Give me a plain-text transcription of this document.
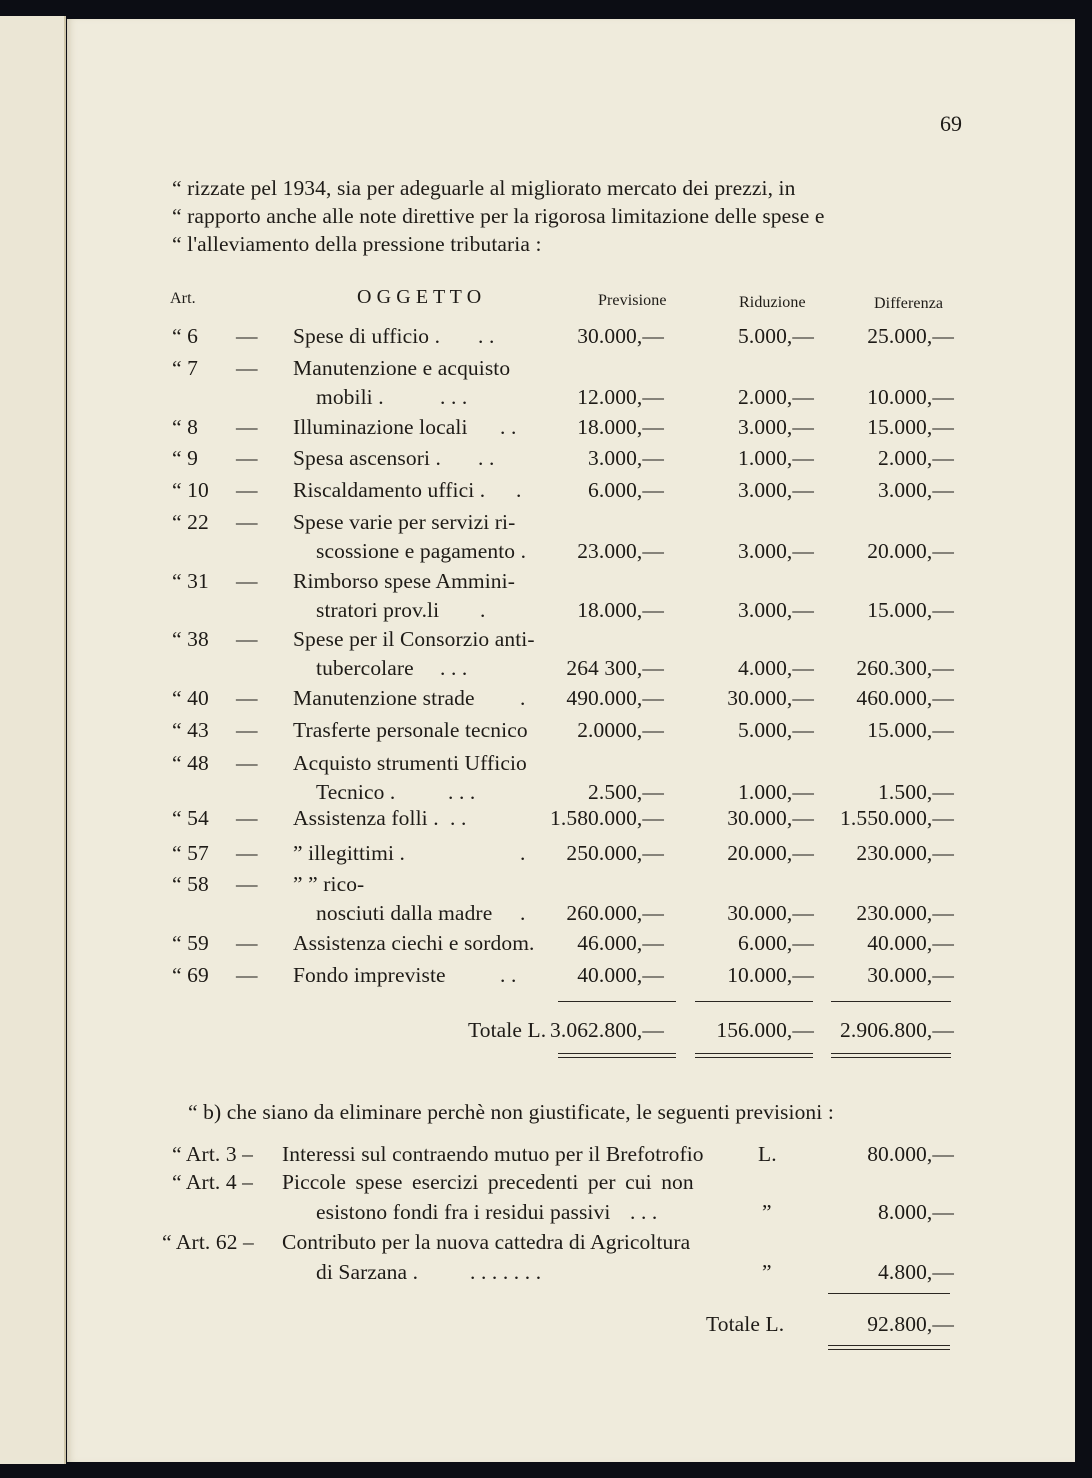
69
“ rizzate pel 1934, sia per adeguarle al migliorato mercato dei prezzi, in
“ rapporto anche alle note direttive per la rigorosa limitazione delle spese e
“ l'alleviamento della pressione tributaria :
Art.	O G G E T T O	Previsione	Riduzione	Differenza
“ 6 — Spese di ufficio . . .	30.000,—	5.000,— 25.000,—
“ 7 — Manutenzione e acquisto
mobili .	. . .	12.000,—	2.000,— 10.000,—
“ 8 — Illuminazione locali . .	18.000,—	3.000,— 15.000,—
“ 9 — Spesa ascensori . . .	3.000,—	1.000,—	2.000,—
“ 10 — Riscaldamento uffici . .	6.000,—	3.000,—	3.000,—
“ 22 — Spese varie per servizi ri-
scossione e pagamento . 23.000,—	3.000,— 20.000,—
“ 31 — Rimborso spese Ammini-
stratori prov.li .	18.000,—	3.000,— 15.000,—
“ 38 — Spese per il Consorzio anti-
tubercolare . . .	264 300,—	4.000,— 260.300,—
“ 40 — Manutenzione strade . 490.000,—	30.000,— 460.000,—
“ 43 — Trasferte personale tecnico 2.0000,—	5.000,— 15.000,—
“ 48 — Acquisto strumenti Ufficio
Tecnico . . . .	2.500,—	1.000,—	1.500,—
“ 54 — Assistenza folli . . .	1.580.000,—	30.000,— 1.550.000,—
“ 57 — ” illegittimi .	. 250.000,—	20.000,— 230.000,—
“ 58 — ” ” rico-
nosciuti dalla madre . 260.000,—	30.000,— 230.000,—
“ 59 — Assistenza ciechi e sordom. 46.000,—	6.000,— 40.000,—
“ 69 — Fondo impreviste	. .	40.000,—	10.000,— 30.000,—
Totale L. 3.062.800,— 156.000,— 2.906.800,—
“ b) che siano da eliminare perchè non giustificate, le seguenti previsioni :
“ Art. 3 – Interessi sul contraendo mutuo per il Brefotrofio	L.	80.000,—
“ Art. 4 – Piccole spese esercizi precedenti per cui non
esistono fondi fra i residui passivi . . .	”	8.000,—
“ Art. 62 – Contributo per la nuova cattedra di Agricoltura
di Sarzana . . . . . . . .	”	4.800,—
Totale L.	92.800,—
